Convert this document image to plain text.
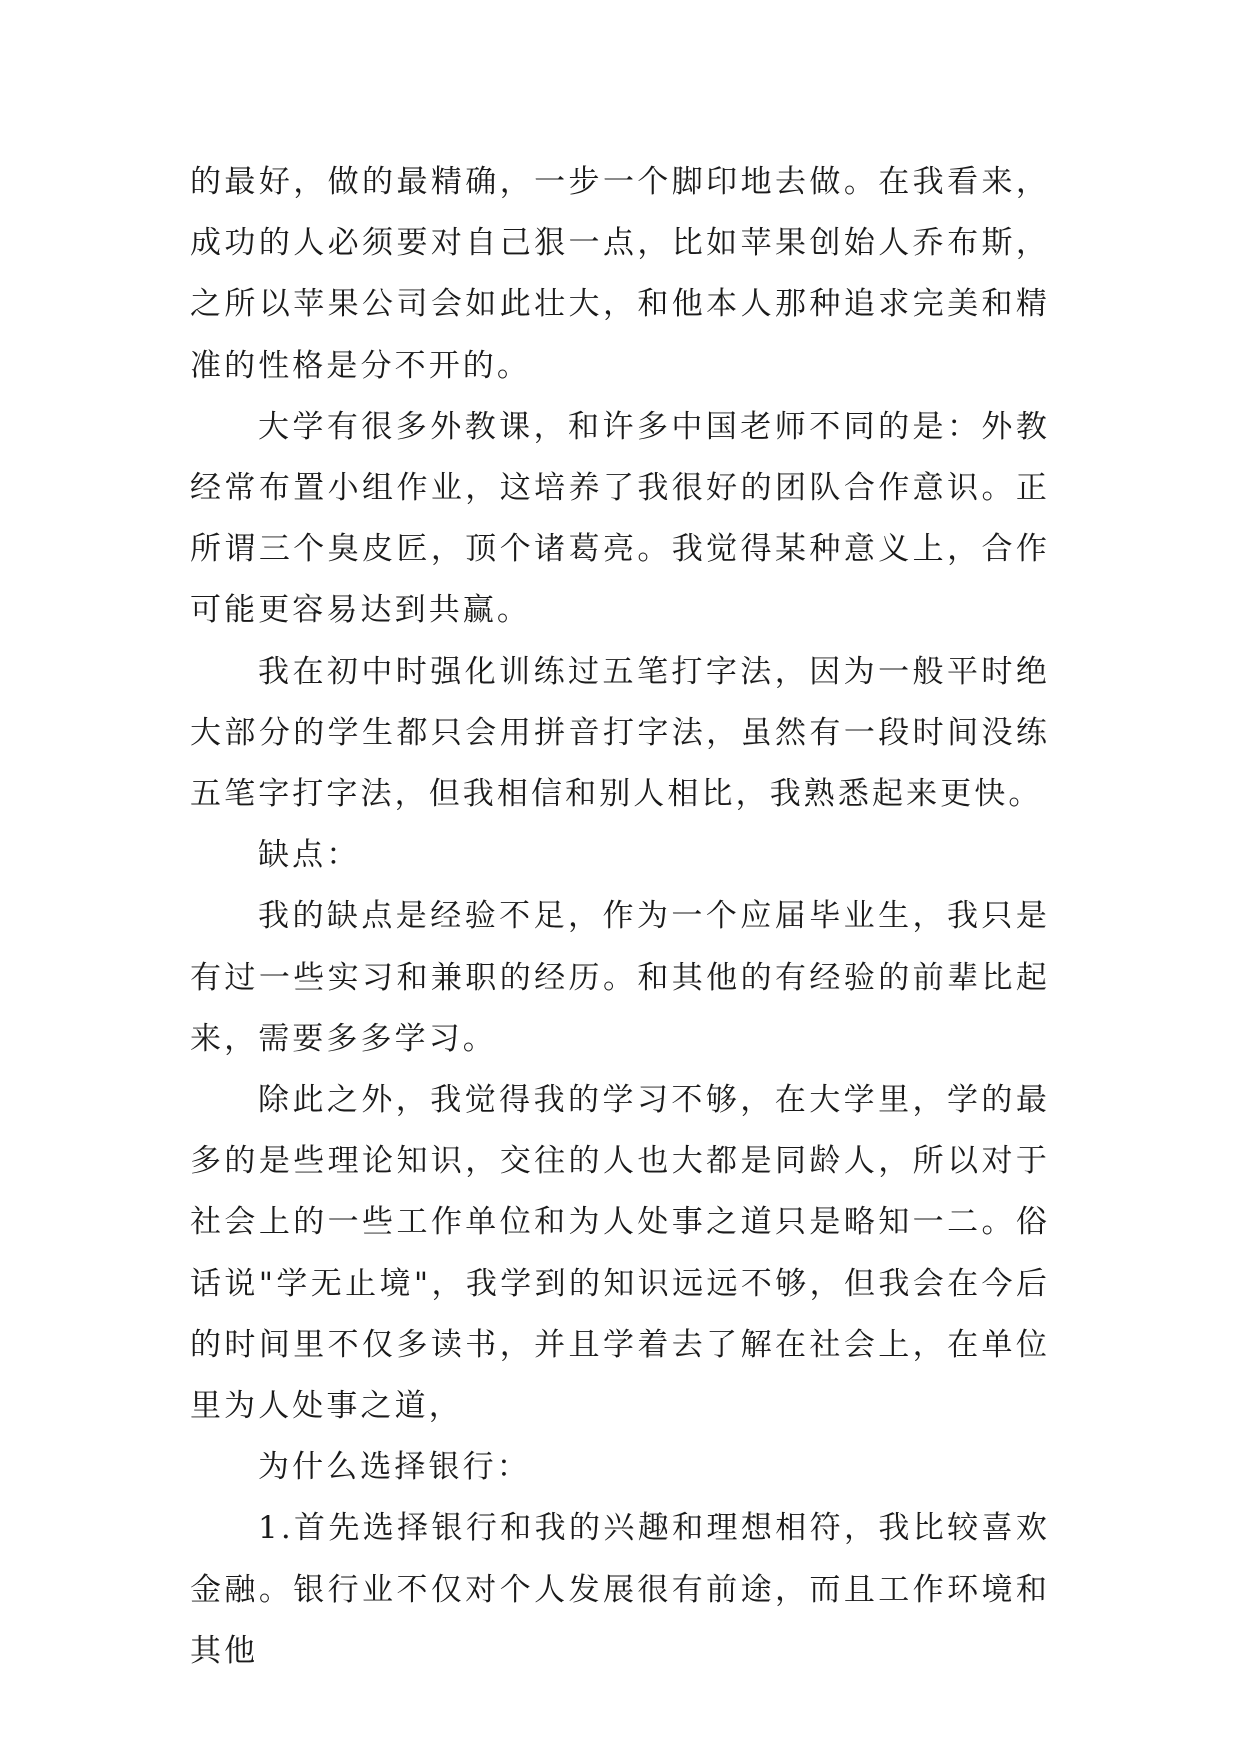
的最好，做的最精确，一步一个脚印地去做。在我看来，成功的人必须要对自己狠一点，比如苹果创始人乔布斯，之所以苹果公司会如此壮大，和他本人那种追求完美和精准的性格是分不开的。

大学有很多外教课，和许多中国老师不同的是：外教经常布置小组作业，这培养了我很好的团队合作意识。正所谓三个臭皮匠，顶个诸葛亮。我觉得某种意义上，合作可能更容易达到共赢。

我在初中时强化训练过五笔打字法，因为一般平时绝大部分的学生都只会用拼音打字法，虽然有一段时间没练五笔字打字法，但我相信和别人相比，我熟悉起来更快。

缺点：

我的缺点是经验不足，作为一个应届毕业生，我只是有过一些实习和兼职的经历。和其他的有经验的前辈比起来，需要多多学习。

除此之外，我觉得我的学习不够，在大学里，学的最多的是些理论知识，交往的人也大都是同龄人，所以对于社会上的一些工作单位和为人处事之道只是略知一二。俗话说"学无止境"，我学到的知识远远不够，但我会在今后的时间里不仅多读书，并且学着去了解在社会上，在单位里为人处事之道，

为什么选择银行：

1.首先选择银行和我的兴趣和理想相符，我比较喜欢金融。银行业不仅对个人发展很有前途，而且工作环境和其他
